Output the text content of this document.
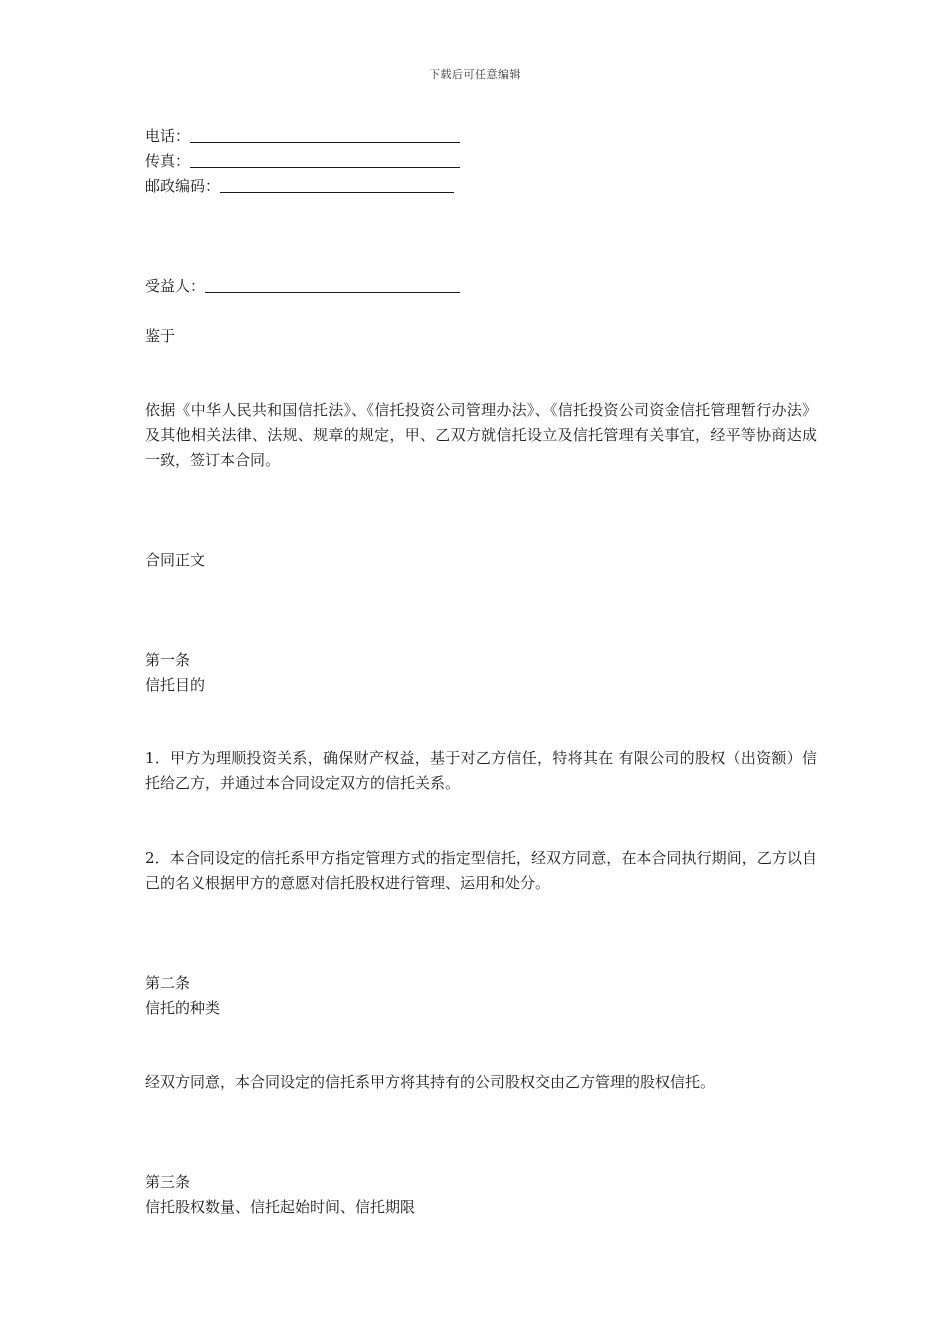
下载后可任意编辑
电话：
传真：
邮政编码：
受益人：
鉴于
依据《中华人民共和国信托法》、《信托投资公司管理办法》、《信托投资公司资金信托管理暂行办法》及其他相关法律、法规、规章的规定，甲、乙双方就信托设立及信托管理有关事宜，经平等协商达成一致，签订本合同。
合同正文
第一条
信托目的
1．甲方为理顺投资关系，确保财产权益，基于对乙方信任，特将其在 有限公司的股权（出资额）信托给乙方，并通过本合同设定双方的信托关系。
2．本合同设定的信托系甲方指定管理方式的指定型信托，经双方同意，在本合同执行期间，乙方以自己的名义根据甲方的意愿对信托股权进行管理、运用和处分。
第二条
信托的种类
经双方同意，本合同设定的信托系甲方将其持有的公司股权交由乙方管理的股权信托。
第三条
信托股权数量、信托起始时间、信托期限
